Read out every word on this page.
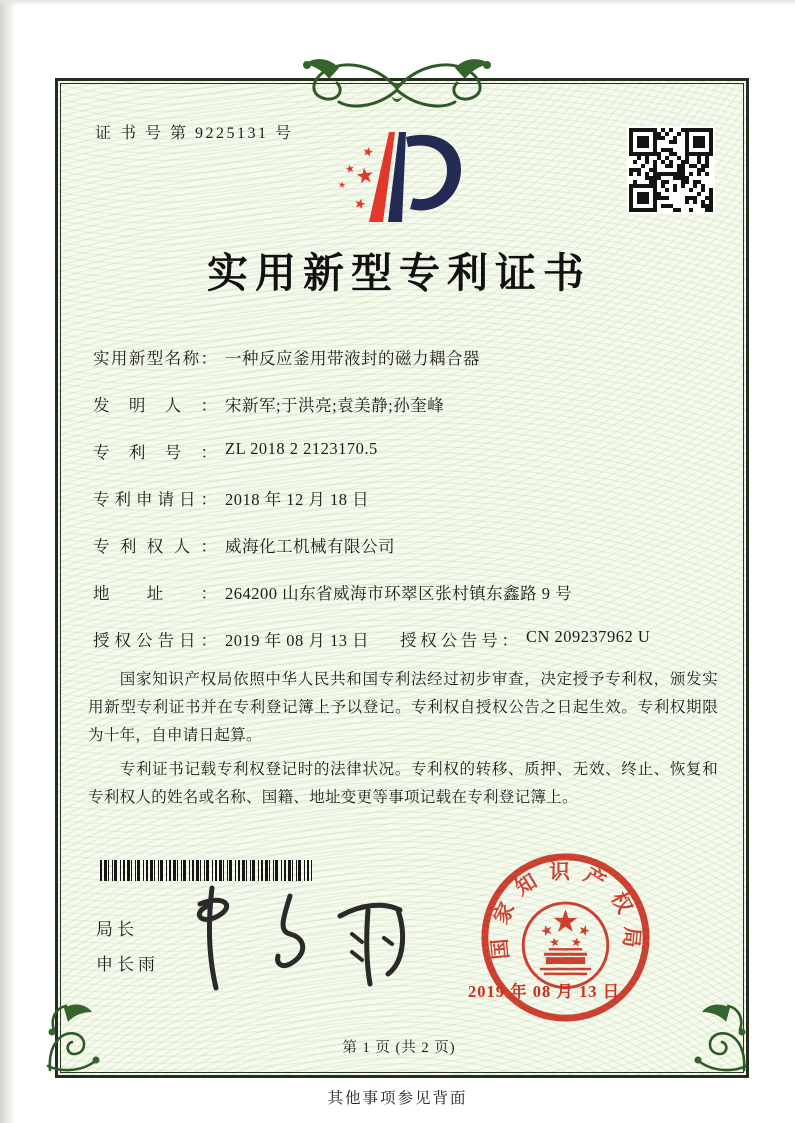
证 书 号 第 9225131 号
实用新型专利证书
实用新型名称： 一种反应釜用带液封的磁力耦合器
发明人： 宋新军;于洪亮;袁美静;孙奎峰
专利号： ZL 2018 2 2123170.5
专利申请日： 2018 年 12 月 18 日
专利权人： 威海化工机械有限公司
地址： 264200 山东省威海市环翠区张村镇东鑫路 9 号
授权公告日： 2019 年 08 月 13 日 授权公告号： CN 209237962 U

国家知识产权局依照中华人民共和国专利法经过初步审查，决定授予专利权，颁发实用新型专利证书并在专利登记簿上予以登记。专利权自授权公告之日起生效。专利权期限为十年，自申请日起算。

专利证书记载专利权登记时的法律状况。专利权的转移、质押、无效、终止、恢复和专利权人的姓名或名称、国籍、地址变更等事项记载在专利登记簿上。

局长
申长雨
国家知识产权局
2019 年 08 月 13 日
第 1 页 (共 2 页)
其他事项参见背面
